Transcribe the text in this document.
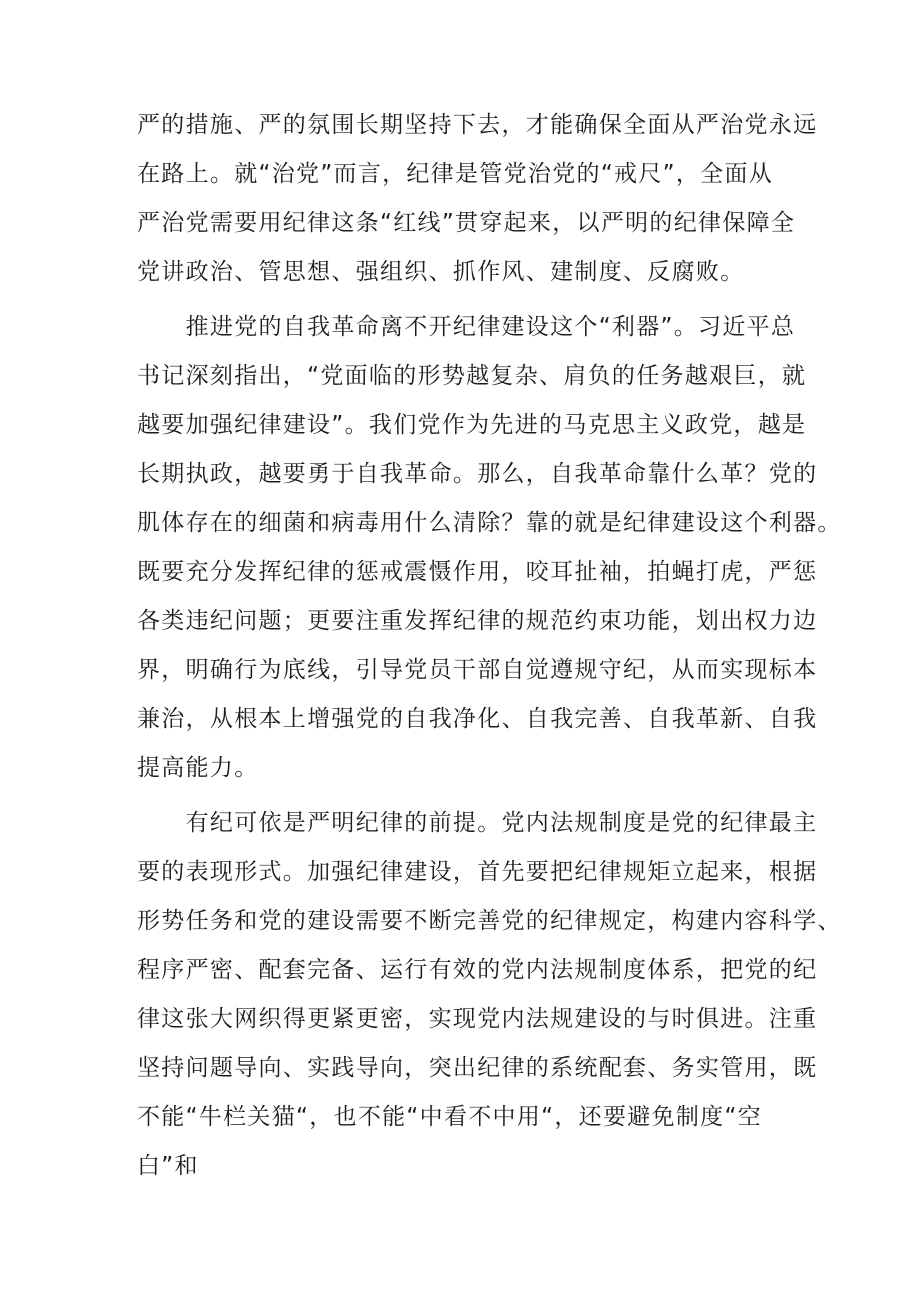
严的措施、严的氛围长期坚持下去，才能确保全面从严治党永远
在路上。就“治党”而言，纪律是管党治党的“戒尺”，全面从
严治党需要用纪律这条“红线”贯穿起来，以严明的纪律保障全
党讲政治、管思想、强组织、抓作风、建制度、反腐败。
　　推进党的自我革命离不开纪律建设这个“利器”。习近平总
书记深刻指出，“党面临的形势越复杂、肩负的任务越艰巨，就
越要加强纪律建设”。我们党作为先进的马克思主义政党，越是
长期执政，越要勇于自我革命。那么，自我革命靠什么革？党的
肌体存在的细菌和病毒用什么清除？靠的就是纪律建设这个利器。
既要充分发挥纪律的惩戒震慑作用，咬耳扯袖，拍蝇打虎，严惩
各类违纪问题；更要注重发挥纪律的规范约束功能，划出权力边
界，明确行为底线，引导党员干部自觉遵规守纪，从而实现标本
兼治，从根本上增强党的自我净化、自我完善、自我革新、自我
提高能力。
　　有纪可依是严明纪律的前提。党内法规制度是党的纪律最主
要的表现形式。加强纪律建设，首先要把纪律规矩立起来，根据
形势任务和党的建设需要不断完善党的纪律规定，构建内容科学、
程序严密、配套完备、运行有效的党内法规制度体系，把党的纪
律这张大网织得更紧更密，实现党内法规建设的与时俱进。注重
坚持问题导向、实践导向，突出纪律的系统配套、务实管用，既
不能“牛栏关猫“，也不能“中看不中用“，还要避免制度“空
白”和
